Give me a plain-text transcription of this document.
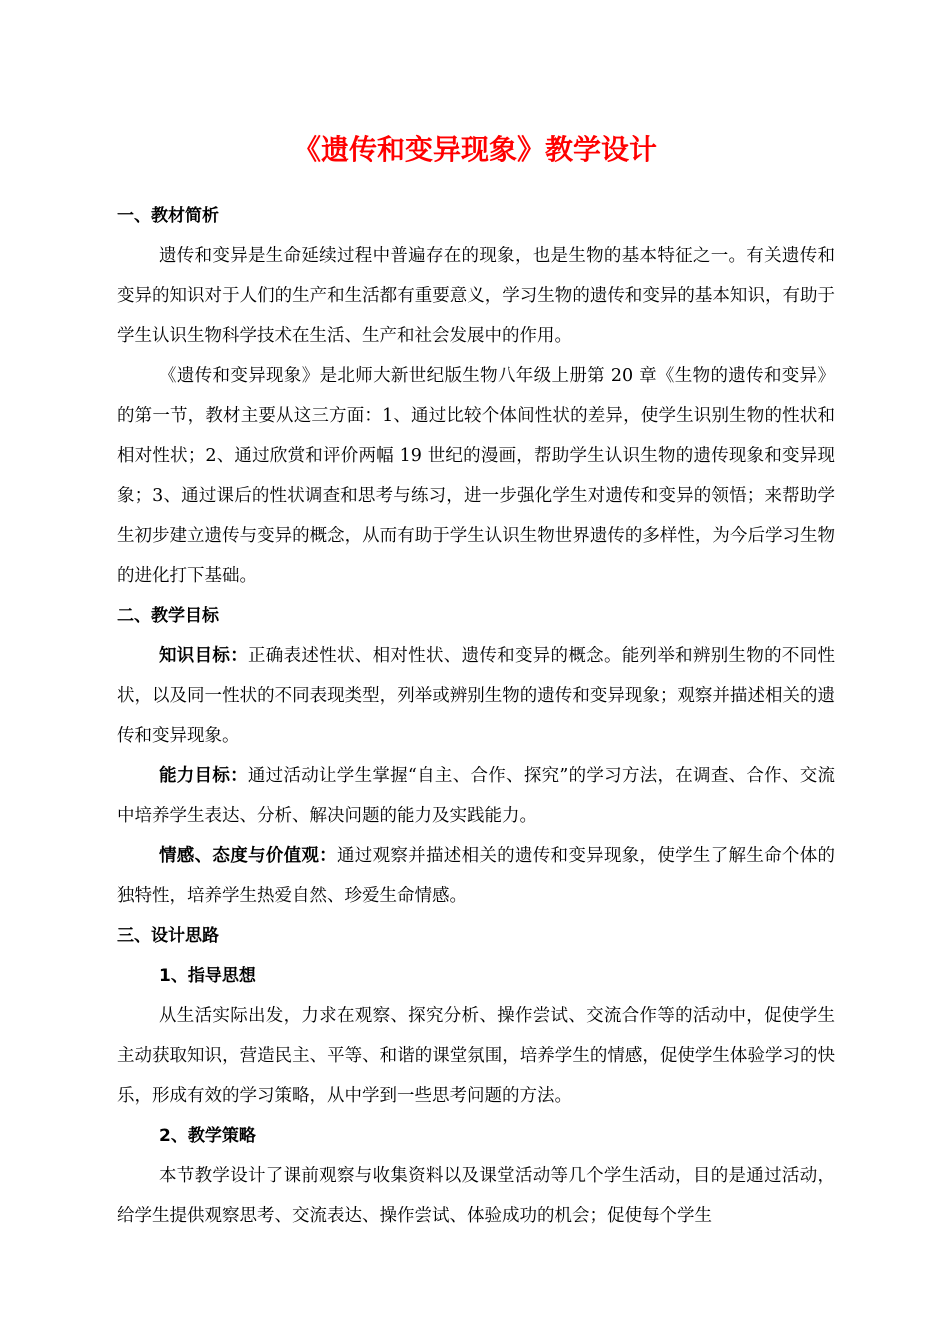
《遗传和变异现象》教学设计

一、教材简析

遗传和变异是生命延续过程中普遍存在的现象，也是生物的基本特征之一。有关遗传和变异的知识对于人们的生产和生活都有重要意义，学习生物的遗传和变异的基本知识，有助于学生认识生物科学技术在生活、生产和社会发展中的作用。

《遗传和变异现象》是北师大新世纪版生物八年级上册第 20 章《生物的遗传和变异》的第一节，教材主要从这三方面：1、通过比较个体间性状的差异，使学生识别生物的性状和相对性状；2、通过欣赏和评价两幅 19 世纪的漫画，帮助学生认识生物的遗传现象和变异现象；3、通过课后的性状调查和思考与练习，进一步强化学生对遗传和变异的领悟；来帮助学生初步建立遗传与变异的概念，从而有助于学生认识生物世界遗传的多样性，为今后学习生物的进化打下基础。

二、教学目标

知识目标：正确表述性状、相对性状、遗传和变异的概念。能列举和辨别生物的不同性状，以及同一性状的不同表现类型，列举或辨别生物的遗传和变异现象；观察并描述相关的遗传和变异现象。

能力目标：通过活动让学生掌握“自主、合作、探究”的学习方法，在调查、合作、交流中培养学生表达、分析、解决问题的能力及实践能力。

情感、态度与价值观：通过观察并描述相关的遗传和变异现象，使学生了解生命个体的独特性，培养学生热爱自然、珍爱生命情感。

三、设计思路

1、指导思想

从生活实际出发，力求在观察、探究分析、操作尝试、交流合作等的活动中，促使学生主动获取知识，营造民主、平等、和谐的课堂氛围，培养学生的情感，促使学生体验学习的快乐，形成有效的学习策略，从中学到一些思考问题的方法。

2、教学策略

本节教学设计了课前观察与收集资料以及课堂活动等几个学生活动，目的是通过活动，给学生提供观察思考、交流表达、操作尝试、体验成功的机会；促使每个学生
